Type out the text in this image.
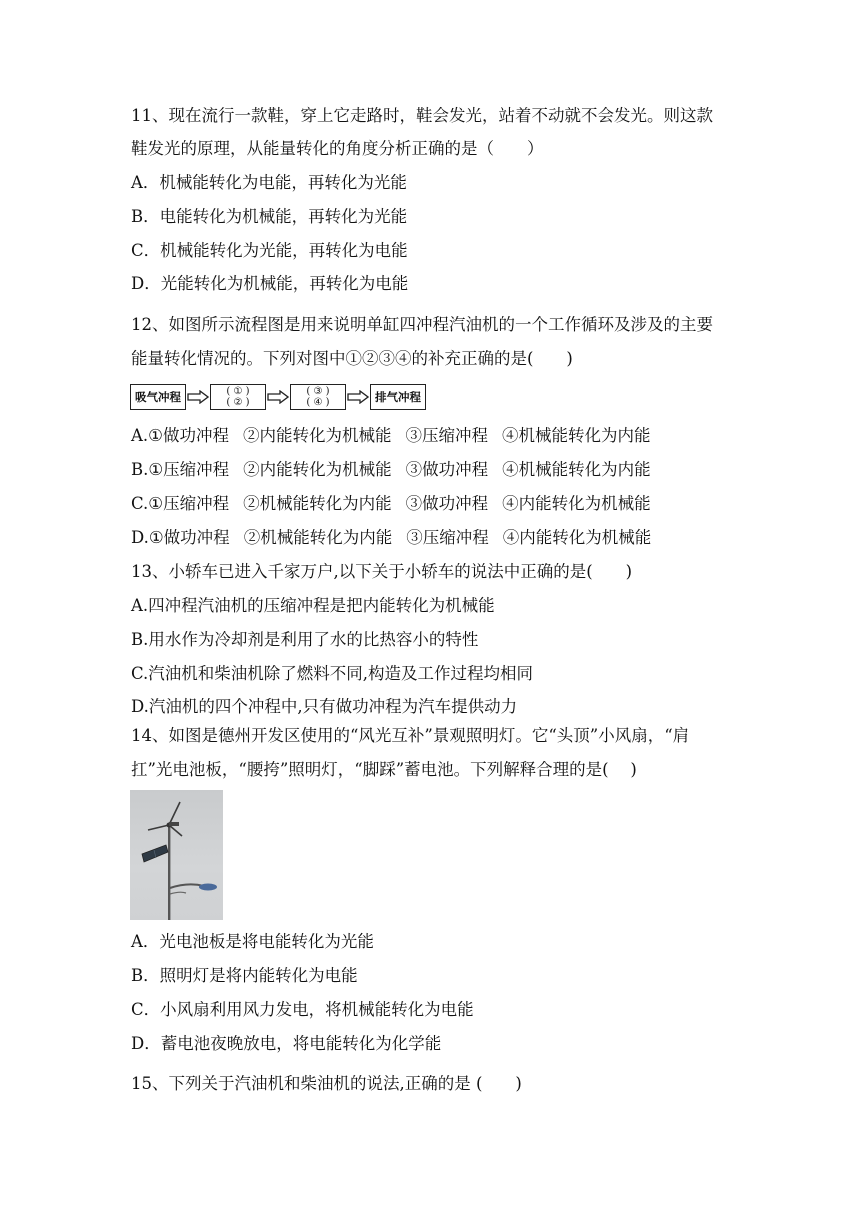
11、现在流行一款鞋，穿上它走路时，鞋会发光，站着不动就不会发光。则这款
鞋发光的原理，从能量转化的角度分析正确的是（　　）
A．机械能转化为电能，再转化为光能
B．电能转化为机械能，再转化为光能
C．机械能转化为光能，再转化为电能
D．光能转化为机械能，再转化为电能
12、如图所示流程图是用来说明单缸四冲程汽油机的一个工作循环及涉及的主要
能量转化情况的。下列对图中①②③④的补充正确的是(　　)
吸气冲程	( ① )
( ② )
( ③ )
( ④ )	排气冲程
A.①做功冲程 ②内能转化为机械能 ③压缩冲程 ④机械能转化为内能
B.①压缩冲程 ②内能转化为机械能 ③做功冲程 ④机械能转化为内能
C.①压缩冲程 ②机械能转化为内能 ③做功冲程 ④内能转化为机械能
D.①做功冲程 ②机械能转化为内能 ③压缩冲程 ④内能转化为机械能
13、小轿车已进入千家万户,以下关于小轿车的说法中正确的是(　　)
A.四冲程汽油机的压缩冲程是把内能转化为机械能
B.用水作为冷却剂是利用了水的比热容小的特性
C.汽油机和柴油机除了燃料不同,构造及工作过程均相同
D.汽油机的四个冲程中,只有做功冲程为汽车提供动力
14、如图是德州开发区使用的“风光互补”景观照明灯。它“头顶”小风扇，“肩
扛”光电池板，“腰挎”照明灯，“脚踩”蓄电池。下列解释合理的是(　 )
A．光电池板是将电能转化为光能
B．照明灯是将内能转化为电能
C．小风扇利用风力发电，将机械能转化为电能
D．蓄电池夜晚放电，将电能转化为化学能
15、下列关于汽油机和柴油机的说法,正确的是 (　　)
